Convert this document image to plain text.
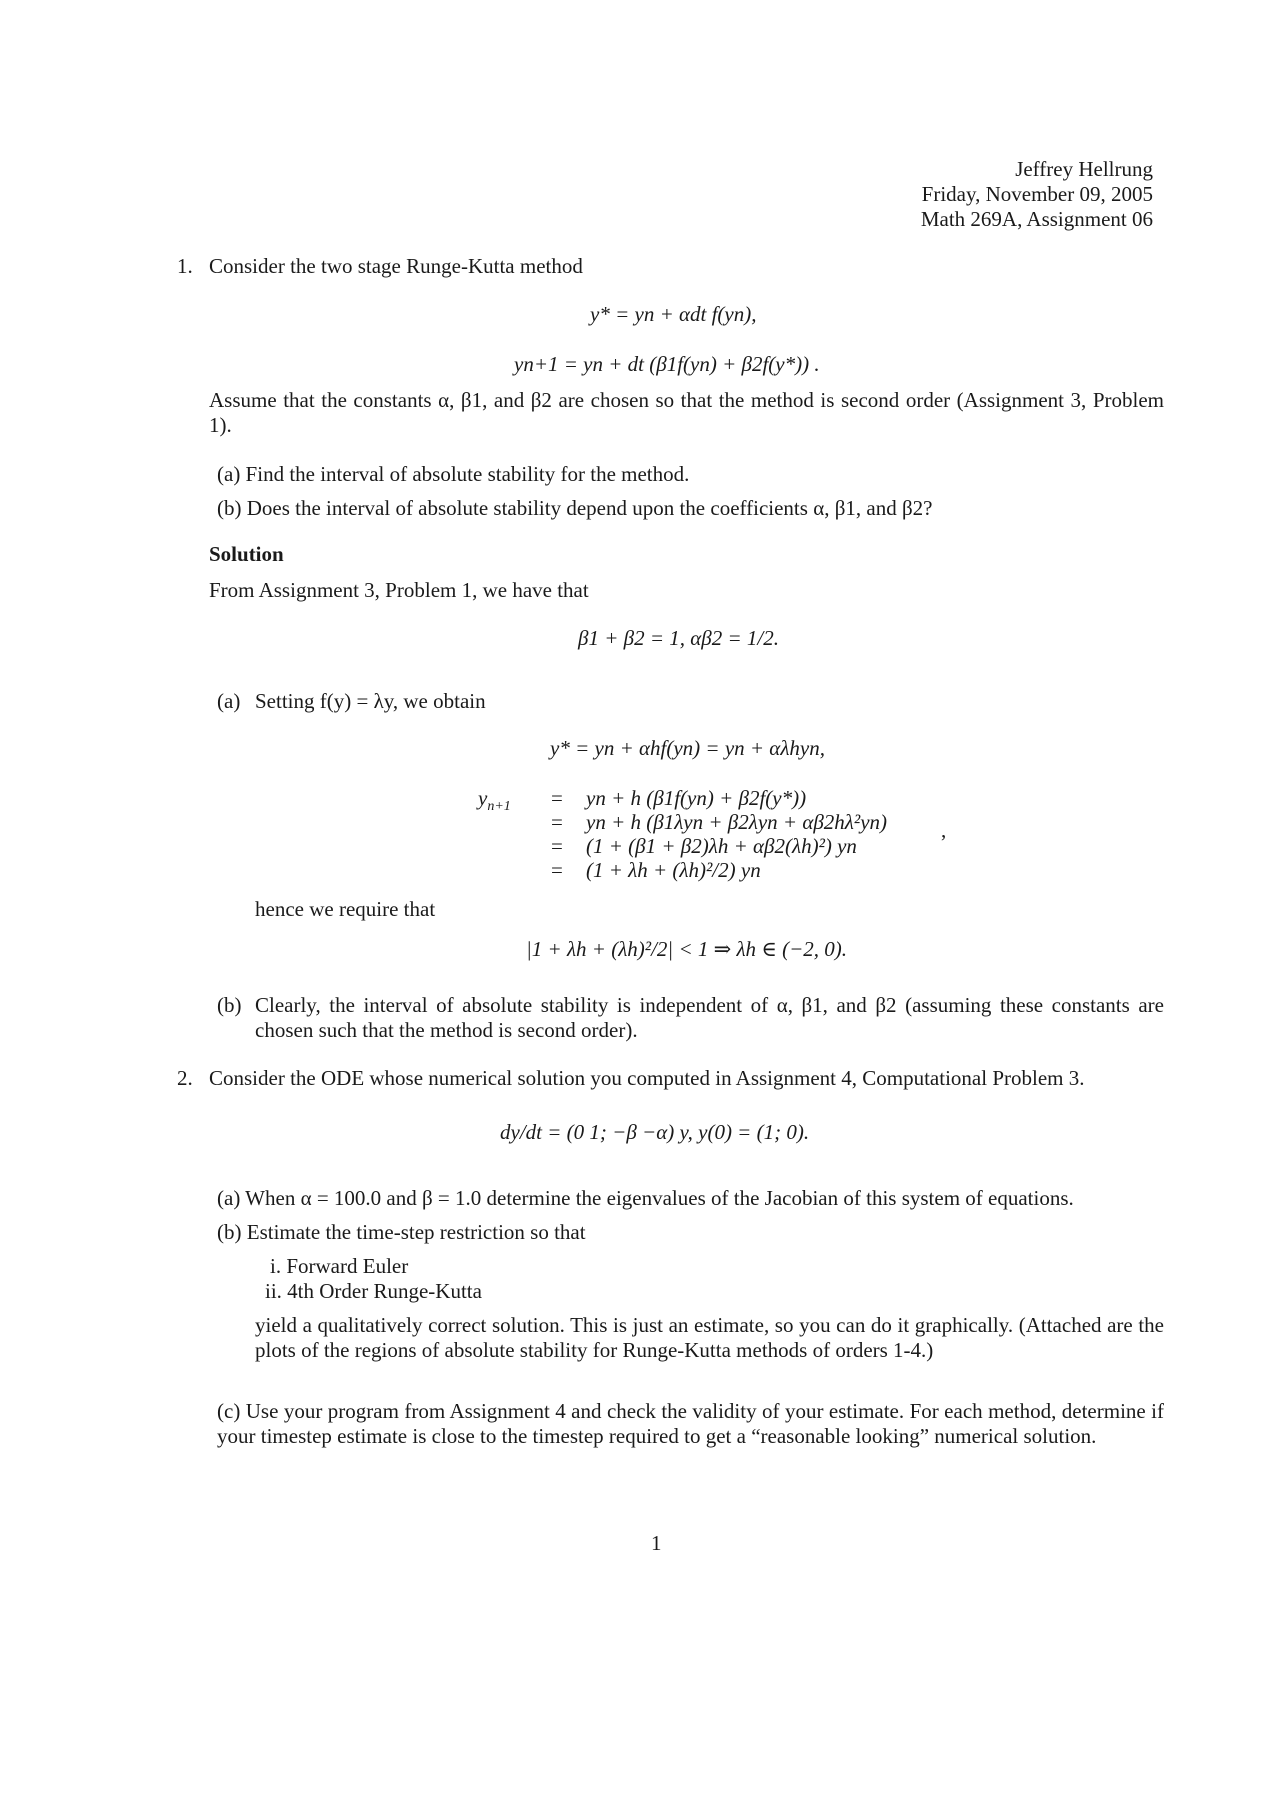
Jeffrey Hellrung
Friday, November 09, 2005
Math 269A, Assignment 06
1. Consider the two stage Runge-Kutta method
y* = yn + αdt f(yn),
yn+1 = yn + dt (β1f(yn) + β2f(y*)) .
Assume that the constants α, β1, and β2 are chosen so that the method is second order (Assignment 3, Problem 1).
(a) Find the interval of absolute stability for the method.
(b) Does the interval of absolute stability depend upon the coefficients α, β1, and β2?
Solution
From Assignment 3, Problem 1, we have that
β1 + β2 = 1, αβ2 = 1/2.
(a) Setting f(y) = λy, we obtain
y* = yn + αhf(yn) = yn + αλhyn,
$y_{n+1}$ =
=
=
=
yn + h (β1f(yn) + β2f(y*))
yn + h (β1λyn + β2λyn + αβ2hλ²yn)
(1 + (β1 + β2)λh + αβ2(λh)²) yn
(1 + λh + (λh)²/2) yn
,
hence we require that
|1 + λh + (λh)²/2| < 1 ⇒ λh ∈ (−2, 0).
(b) Clearly, the interval of absolute stability is independent of α, β1, and β2 (assuming these constants are chosen such that the method is second order).
2. Consider the ODE whose numerical solution you computed in Assignment 4, Computational Problem 3.
dy/dt = (0 1; −β −α) y, y(0) = (1; 0).
(a) When α = 100.0 and β = 1.0 determine the eigenvalues of the Jacobian of this system of equations.
(b) Estimate the time-step restriction so that
i. Forward Euler
ii. 4th Order Runge-Kutta
yield a qualitatively correct solution. This is just an estimate, so you can do it graphically. (Attached are the plots of the regions of absolute stability for Runge-Kutta methods of orders 1-4.)
(c) Use your program from Assignment 4 and check the validity of your estimate. For each method, determine if your timestep estimate is close to the timestep required to get a “reasonable looking” numerical solution.
1
